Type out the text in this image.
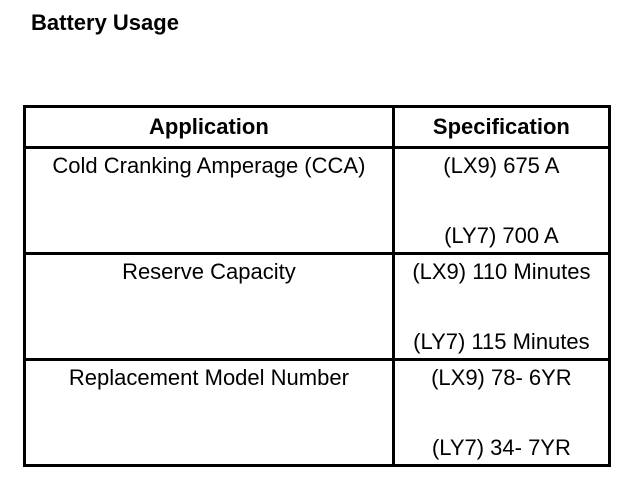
Battery Usage
Application	Specification

Cold Cranking Amperage (CCA)	(LX9) 675 A
(LY7) 700 A

Reserve Capacity	(LX9) 110 Minutes
(LY7) 115 Minutes

Replacement Model Number	(LX9) 78- 6YR
(LY7) 34- 7YR
